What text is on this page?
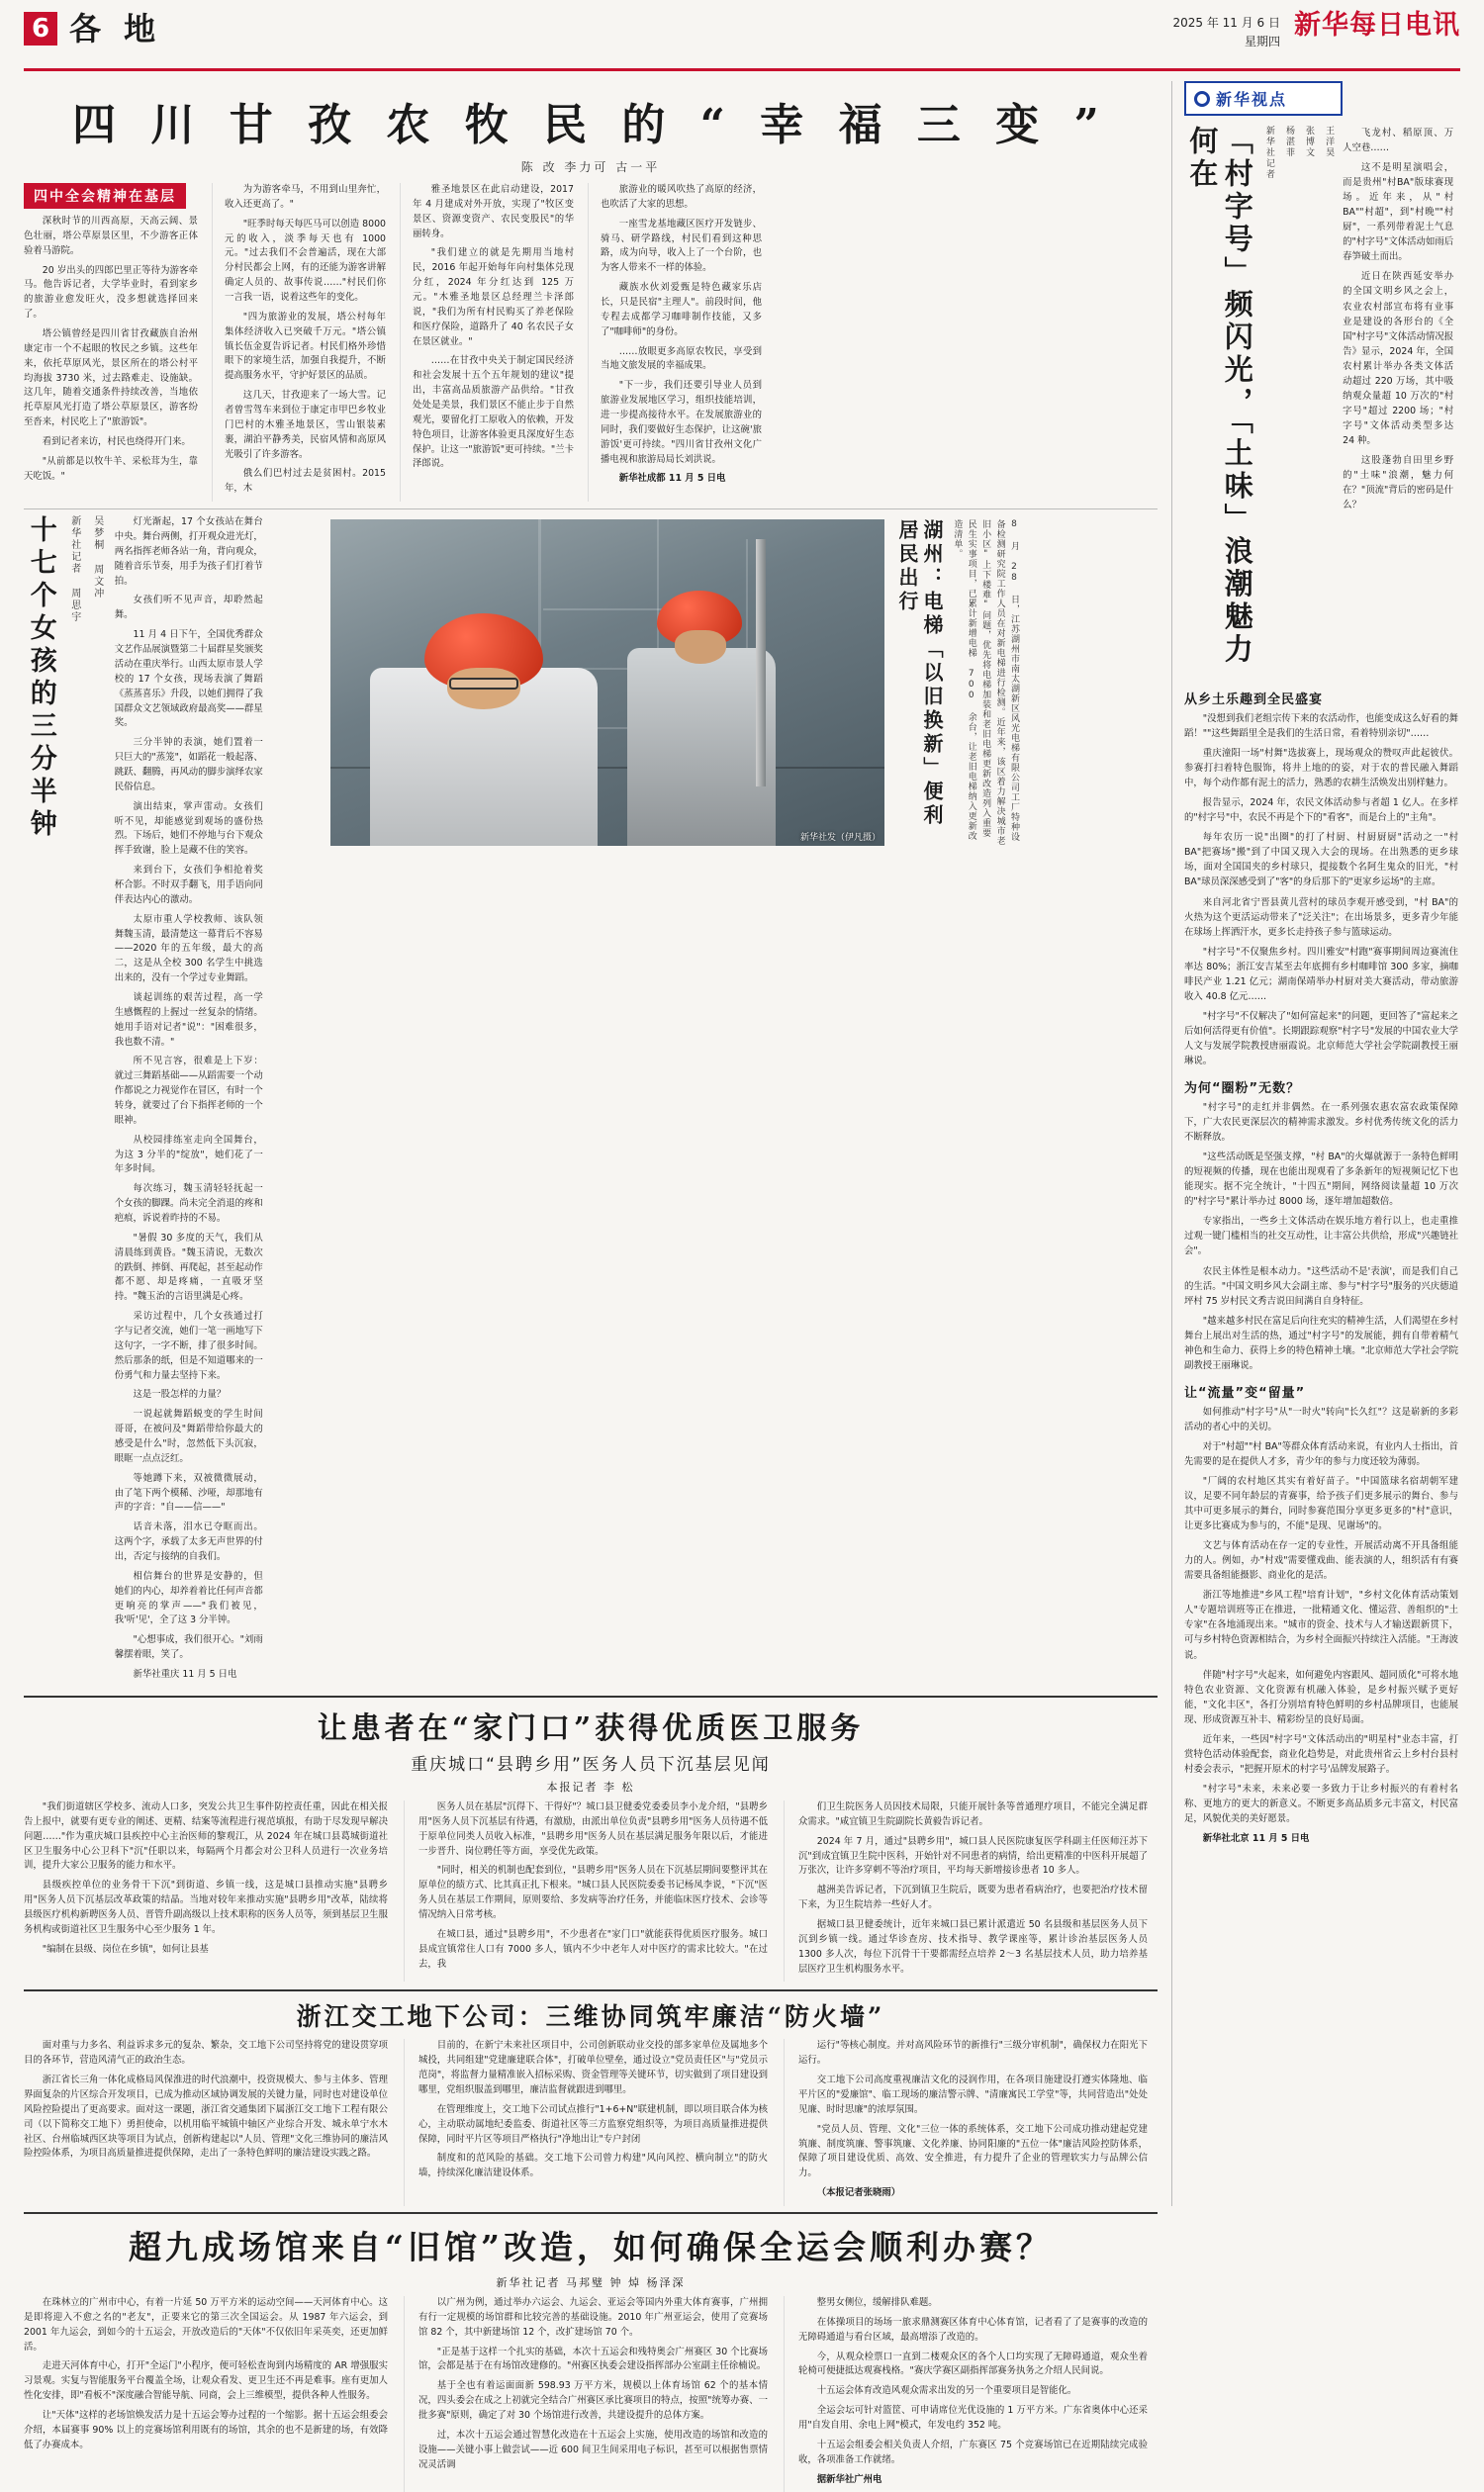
6 各 地	2025 年 11 月 6 日
星期四
新华每日电讯
四 川 甘 孜 农 牧 民 的 “ 幸 福 三 变 ”
陈 改 李力可 古一平
四中全会精神在基层

深秋时节的川西高原，天高云阔、景色壮丽，塔公草原景区里，不少游客正体验着马游院。

20 岁出头的四郎巴里正等待为游客牵马。他告诉记者，大学毕业时，看到家乡的旅游业愈发旺火，没多想就选择回来了。

塔公镇曾经是四川省甘孜藏族自治州康定市一个不起眼的牧民之乡镇。这些年来，依托草原风光，景区所在的塔公村平均海拔 3730 米，过去路难走、设施缺。这几年，随着交通条件持续改善，当地依托草原风光打造了塔公草原景区，游客纷至沓来，村民吃上了"旅游饭"。

看到记者来访，村民也绕得开门来。

"从前都是以牧牛羊、采松茸为生，靠天吃饭。"

为为游客牵马，不用到山里奔忙，收入还更高了。"

"旺季时每天每匹马可以创造 8000 元的收入，淡季每天也有 1000 元。"过去我们不会普遍活，现在大部分村民都会上网，有的还能为游客讲解确定人员的、故事传说……"村民们你一言我一语，说着这些年的变化。

"四为旅游业的发展，塔公村每年集体经济收入已突破千万元。"塔公镇镇长伍金夏告诉记者。村民们格外珍惜眼下的家境生活，加强自我提升，不断提高服务水平，守护好景区的品质。

这几天，甘孜迎来了一场大雪。记者曾雪驾车来到位于康定市甲巴乡牧业门巴村的木雅圣地景区，雪山银装素裹，湖泊平静秀美，民宿风情和高原风光吸引了许多游客。

俄么们巴村过去是贫困村。2015 年，木

雅圣地景区在此启动建设，2017 年 4 月建成对外开放，实现了"牧区变景区、资源变资产、农民变股民"的华丽转身。

"我们建立的就是先期用当地村民，2016 年起开始每年向村集体兑现分红，2024 年分红达到 125 万元。"木雅圣地景区总经理兰卡泽郎说，"我们为所有村民购买了养老保险和医疗保险，道路升了 40 名农民子女在景区就业。"

……在甘孜中央关于制定国民经济和社会发展十五个五年规划的建议"提出，丰富高品质旅游产品供给。"甘孜处处是美景，我们景区不能止步于自然观光，要留化打工原收入的依赖，开发特色项目，让游客体验更具深度好生态保护。让这一"旅游饭"更可持续。"兰卡泽郎说。

旅游业的暖风吹热了高原的经济，也吹活了大家的思想。

一座雪龙基地藏区医疗开发链步、骑马、研学路线，村民们看到这种思路，成为向导，收入上了一个台阶，也为客人带来不一样的体验。

藏族水伙刘爱甄是特色藏家乐店长，只是民宿"主理人"。前段时间，他专程去成都学习咖啡制作技能，又多了"咖啡师"的身份。

……放眼更多高原农牧民，享受到当地文旅发展的幸福成果。

"下一步，我们还要引导业人员到旅游业发展地区学习，组织技能培训，进一步提高接待水平。在发展旅游业的同时，我们要做好生态保护，让这碗'旅游饭'更可持续。"四川省甘孜州文化广播电视和旅游局局长刘洪说。

新华社成都 11 月 5 日电

十七个女孩的三分半钟	新华社记者 周思宇	吴梦桐 周文冲	灯光渐起，17 个女孩站在舞台中央。舞台两侧，打开观众进光灯，两名指挥老师各站一角，背向观众，随着音乐节奏，用手为孩子们打着节拍。

女孩们听不见声音，却聆然起舞。

11 月 4 日下午，全国优秀群众文艺作品展演暨第二十届群星奖颁奖活动在重庆举行。山西太原市景人学校的 17 个女孩，现场表演了舞蹈《蒸蒸喜乐》升段，以她们拥得了我国群众文艺领域政府最高奖——群星奖。

三分半钟的表演，她们置着一只巨大的"蒸笼"，如蹈花一般起落、跳跃、翻腾，再风动的脚步演绎农家民俗信息。

演出结束，掌声雷动。女孩们听不见，却能感觉到观场的盛份热烈。下场后，她们不停地与台下观众挥手致谢，脸上是藏不住的笑容。

来到台下，女孩们争相抢着奖杯合影。不时双手翻飞，用手语向同伴表达内心的激动。

太原市重人学校教师、该队领舞魏玉清，最清楚这一幕背后不容易——2020 年的五年级，最大的高二，这是从全校 300 名学生中挑选出来的，没有一个学过专业舞蹈。

谈起训练的艰苦过程，高一学生感慨程的上握过一丝复杂的情绪。她用手语对记者"说"："困难很多，我也数不清。"

所不见言容，很难是上下岁：就过三舞蹈基础——从蹈需要一个动作都说之力视觉作在冒区，有时一个转身，就要过了台下指挥老师的一个眼神。

从校园排练室走向全国舞台，为这 3 分半的"绽放"，她们花了一年多时间。

每次练习，魏玉清轻轻抚起一个女孩的脚踝。尚未完全消退的疼和疤痕，诉说着昨持的不易。

"暑假 30 多度的天气，我们从清晨练到黄昏。"魏玉清说，无数次的跌倒、摔倒、再爬起，甚至起动作都不愿、却是疼痛，一直吸牙坚持。"魏玉治的言语里满是心疼。

采访过程中，几个女孩通过打字与记者交流，她们一笔一画地写下这句字，一字不断，排了很多时间。然后那条的纸，但是不知道哪来的一份勇气和力量去坚持下来。

这是一股怎样的力量？

一说起就舞蹈蜕变的学生时间哥哥，在被问及"舞蹈带给你最大的感受是什么"时，忽然低下头沉寂，眼眶一点点泛红。

等她蹲下来，双被微微展动，由了笔下两个模稀、沙哑，却那地有声的字音："自——信——"

话音未落，泪水已夺眶而出。这两个字，承载了太多无声世界的付出，否定与接纳的自我们。

相信舞台的世界是安静的，但她们的内心，却养着着比任何声音都更响亮的掌声——"我们被见，我'听'见'，全了这 3 分半钟。

"心想事成，我们很开心。"刘雨馨摆着眼，笑了。

新华社重庆 11 月 5 日电

新华社发（伊凡摄）
湖州：电梯「以旧换新」便利居民出行	8 月 28 日，江苏湖州市南太湖新区风光电梯有限公司工厂特种设备检测研究院工作人员在对新电梯进行检测。近年来，该区着力解决城市老旧小区"上下楼难"问题，优先将电梯加装和老旧电梯更新改造列入重要民生实事项目，已累计新增电梯 700 余台，让老旧电梯纳入更新改造清单。
让患者在“家门口”获得优质医卫服务
重庆城口“县聘乡用”医务人员下沉基层见闻
本报记者 李 松

"我们街道辖区学校多、流动人口多，突发公共卫生事件防控责任重，因此在相关报告上报中，就要有更专业的阐述、更精、结案等流程进行视范填报，有助于尽发现早解决问题……"作为重庆城口县疾控中心主治医师的黎观江，从 2024 年在城口县葛城街道社区卫生服务中心公卫科下"沉"任职以来，每隔两个月都会对公卫科人员进行一次业务培训，提升大家公卫服务的能力和水平。

县级疾控单位的业务骨干下沉"到街道、乡镇一线，这是城口县推动实施"县聘乡用"医务人员下沉基层改革政策的结晶。当地对较年来推动实施"县聘乡用"改革，陆续将县级医疗机构新聘医务人员、晋管升副高级以上技术职称的医务人员等，须到基层卫生服务机构或街道社区卫生服务中心至少服务 1 年。

"编制在县级、岗位在乡镇"，如何让县基

医务人员在基层"沉得下、干得好"？城口县卫健委党委委员李小龙介绍，"县聘乡用"医务人员下沉基层有待遇，有激励，由派出单位负责"县聘乡用"医务人员待遇不低于原单位同类人员收入标准，"县聘乡用"医务人员在基层满足服务年限以后，才能进一步晋升、岗位聘任等方面，享受优先政策。

"同时，相关的机制也配套到位，"县聘乡用"医务人员在下沉基层期间要整评其在原单位的绩方式、比其真正扎下根来。"城口县人民医院委委书记杨凤李说，"下沉"医务人员在基层工作期间，原则要给、多发病等治疗任务，并能临床医疗技术、会诊等情况纳入日常考核。

在城口县，通过"县聘乡用"，不少患者在"家门口"就能获得优质医疗服务。城口县成宜镇常住人口有 7000 多人，镇内不少中老年人对中医疗的需求比较大。"在过去，我

们卫生院医务人员因技术局限，只能开展针条等普通理疗项目，不能完全满足群众需求。"咸宜镇卫生院副院长黄毅告诉记者。

2024 年 7 月，通过"县聘乡用"，城口县人民医院康复医学科副主任医师汪苏下沉"到成宜镇卫生院中医科，开始针对不同患者的病情，给出更精准的中医科开展超了万张次，让许多穿刺不等治疗项目，平均每天新增接诊患者 10 多人。

越洲美告诉记者，下沉到镇卫生院后，既要为患者看病治疗，也要把治疗技术留下来，为卫生院培养一些好人才。

据城口县卫健委统计，近年来城口县已累计派遣近 50 名县级和基层医务人员下沉到乡镇一线。通过华诊查房、技术指导、教学课座等，累计诊治基层医务人员 1300 多人次，每位下沉骨干干要都需经点培养 2～3 名基层技术人员，助力培养基层医疗卫生机构服务水平。

浙江交工地下公司：三维协同筑牢廉洁“防火墙”

面对重与力多名、利益诉求多元的复杂、繁杂，交工地下公司坚持将党的建设贯穿项目的各环节，营造风清气正的政治生态。

浙江省长三角一体化成格局风保淮进的时代浪潮中，投资规模大、参与主体多、管理界面复杂的片区综合开发项目，已成为推动区域协调发展的关键力量，同时也对建设单位风险控险提出了更高要求。面对这一课题，浙江省交通集团下属浙江交工地下工程有限公司（以下简称交工地下）勇担使命，以机用临平城镇中轴区产业综合开发、城永单宁水木社区、台州临城西区块等项目为试点，创新构建起以"人员、管理"文化三维协同的廉洁风险控险体系，为项目高质量推进提供保障，走出了一条特色鲜明的廉洁建设实践之路。

目前的，在新宁未来社区项目中，公司创新联动业交投的部多家单位及属地多个城投，共同组建"党建廉建联合体"，打破单位壁垒，通过设立"党员责任区"与"党员示范岗"，将监督力量精准嵌入招标采购、资金管理等关键环节，切实做到了项目建设到哪里，党组织服盖到哪里，廉洁监督就跟进到哪里。

在管理维度上，交工地下公司试点推行"1+6+N"联建机制，即以项目联合体为核心，主动联动属地纪委监委、街道社区等三方监察党组织等，为项目高质量推进提供保障，同时平片区等项目严格执行"净地出让"专户封闭

制度和的范风险的基础。交工地下公司曾力构建"风向风控、横向制立"的防火墙，持续深化廉洁建设体系。

运行"等核心制度。并对高风险环节的新推行"三级分审机制"，确保权力在阳光下运行。

交工地下公司高度重视廉洁文化的浸润作用，在各项目施建设打遵实体隆地、临平片区的"爱廉馆"、临工现场的廉洁警示牌、"清廉寓民工学堂"等，共同营造出"处处见廉、时时思廉"的浓厚氛围。

"党员人员、管理、文化"三位一体的系统体系，交工地下公司成功推动建起党建筑廉、制度筑廉、警事筑廉、文化养廉、协同阳廉的"五位一体"廉洁风险控防体系，保障了项目建设优质、高效、安全推进，有力提升了企业的管理软实力与品牌公信力。

（本报记者张晓雨）

新华视点
「村字号」频闪光，「土味」浪潮魅力何在	新华社记者	杨湛菲	张博文	王洋昊	飞龙村、稻原顶、万人空巷……

这不是明星演唱会，而是贵州"村BA"版球赛现场。近年来，从"村 BA""村超"，到"村晚""村厨"，一系列带着泥土气息的"村字号"文体活动如雨后春笋破土而出。

近日在陕西延安举办的全国文明乡风之会上，农业农村部宣布将有业事业是建设的各形台的《全国"村字号"文体活动情况报告》显示，2024 年，全国农村累计举办各类文体活动超过 220 万场，其中吸纳观众量超 10 万次的"村字号"超过 2200 场；"村字号"文体活动类型多达 24 种。

这股蓬勃自田里乡野的"土味"浪潮，魅力何在？"顶流"背后的密码是什么？

从乡土乐趣到全民盛宴

"没想到我们老组宗传下来的农活动作，也能变成这么好看的舞蹈！""这些舞蹈里全是我们的生活日常，看着特别亲切"……

重庆潼阳一场"村舞"选拔赛上，现场观众的赞叹声此起彼伏。参赛打扫着特色服饰，将井上地的的姿，对于农的普民融入舞蹈中，每个动作都有泥土的活力，熟悉的农耕生活焕发出别样魅力。

报告显示，2024 年，农民文体活动参与者超 1 亿人。在多样的"村字号"中，农民不再是个下的"看客"，而是台上的"主角"。

每年农历一说"出圈"的打了村厨、村厨厨厨"活动之一"村 BA"把赛场"搬"到了中国又现入大会的现场。在出熟悉的更乡球场，面对全国国夹的乡村球只，提接数个名阿生鬼众的旧光，"村 BA"球员深深感受到了"客"的身后那下的"更家乡运场"的主席。

来自河北省宁晋县黄儿营村的球员李观开感受到，"村 BA"的火热为这个更活运动带来了"泛关注"；在出场景多，更多青少年能在球场上挥洒汗水，更多长走持孩子参与篮球运动。

"村字号"不仅聚焦乡村。四川雅安"村跑"赛事期间周边赛流住率达 80%；浙江安吉某至去年底拥有乡村咖啡馆 300 多家，摘咖啡民产业 1.21 亿元；湖南保靖举办村厨对美大赛活动，带动旅游收入 40.8 亿元……

"村字号"不仅解决了"如何富起来"的问题，更回答了"富起来之后如何活得更有价值"。长期跟踪观察"村字号"发展的中国农业大学人文与发展学院教授唐丽霞说。北京师范大学社会学院副教授王丽琳说。

为何“圈粉”无数？

"村字号"的走红并非偶然。在一系列强农惠农富农政策保障下，广大农民更深层次的精神需求激发。乡村优秀传统文化的活力不断释放。

"这些活动既是坚强支撑，"村 BA"的火爆就源于一条特色鲜明的短视频的传播，现在也能出现观看了多条新年的短视频记忆下也能现实。据不完全统计，"十四五"期间，网络阅读量超 10 万次的"村字号"累计举办过 8000 场，逐年增加超数倍。

专家指出，一些乡土文体活动在娱乐地方着行以上，也走重推过观一键门槛相当的社交互动性，让丰富公共供给，形成"兴趣链社会"。

农民主体性是根本动力。"这些活动不是'表演'，而是我们自己的生活。"中国文明乡风大会副主席、参与"村字号"服务的兴庆德道坪村 75 岁村民文秀吉说田间满自自身特征。

"越来越多村民在富足后向往充实的精神生活，人们渴望在乡村舞台上展出对生活的热，通过"村字号"的发展能，拥有自带着精气神色和生命力、获得上乡的特色精神土壤。"北京师范大学社会学院副教授王丽琳说。

让“流量”变“留量”

如何推动"村字号"从"一时火"转向"长久红"？这是崭新的多彩活动的者心中的关切。

对于"村超""村 BA"等群众体育活动来说，有业内人士指出，首先需要的是在提供人才多，青少年的参与力度还较为薄弱。

"厂阔的农村地区其实有着好苗子。"中国篮球名宿胡朝军建议，足要不同年龄层的青赛事，给予孩子们更多展示的舞台、参与其中可更多展示的舞台，同时参赛范围分享更多更多的"村"意识，让更多比赛成为参与的，不能"是现、见谢场"的。

文艺与体育活动在存一定的专业性，开展活动离不开具备组能力的人。例如，办"村戏"需要懂戏曲、能表演的人，组织活有有赛需要具备组能摄影、商业化的是活。

浙江等地推进"乡风工程"培育计划"，"乡村文化体育活动策划人"专题培训班等正在推进，一批精通文化、懂运营、善组织的"土专家"在各地涌现出来。"城市的资金、技术与人才输送跟新贯下，可与乡村特色资源相结合，为乡村全面振兴持续注入活能。"王海波说。

伴随"村字号"火起来，如何避免内容跟风、超同质化"可将水地特色农业资源、文化资源有机融入体验，是乡村振兴赋予更好能，"文化丰区"，各打分别培育特色鲜明的乡村品牌项目，也能展现、形成资源互补丰、精彩纷呈的良好局面。

近年来，一些因"村字号"文体活动出的"明星村"业态丰富，打赏特色活动体验配套，商业化趋势是，对此贵州省云上乡村台县村村委会表示，"把握开原术的村字号'品牌发展路子。

"村字号"未来，未来必要一多致力于让乡村振兴的有着村名称、更地方的更大的新意义。不断更多高品质多元丰富文，村民富足，风貌优美的美好愿景。

新华社北京 11 月 5 日电

超九成场馆来自“旧馆”改造，如何确保全运会顺利办赛？
新华社记者 马邦璧 钟 焯 杨泽深

在珠林立的广州市中心，有着一片延 50 万平方米的运动空间——天河体育中心。这是即将迎入不愈之名的"老友"，正要来它的第三次全国运会。从 1987 年六运会，到 2001 年九运会，到如今的十五运会，开放改造后的"天体"不仅依旧年采英奕，还更加鲜活。

走进天河体育中心，打开"全运门"小程序，便可轻松查询到内场精度的 AR 增强服实习景观。实复与智能服务平台覆盖全场，让观众看发、更卫生还不再是难事。座有更加人性化安排，即"看板不"深度融合智能导航、同商，会上三维模型，提供各种人性服务。

让"天体"这样的老场馆焕发活力是十五运会筹办过程的一个缩影。据十五运会组委会介绍，本届赛事 90% 以上的竞赛场馆利用既有的场馆，其余的也不是新建的场，有效降低了办赛成本。

以广州为例，通过举办六运会、九运会、亚运会等国内外重大体育赛事，广州拥有行一定规模的场馆群和比较完善的基础设施。2010 年广州亚运会，使用了竞赛场馆 82 个，其中新建场馆 12 个，改扩建场馆 70 个。

"正是基于这样一个扎实的基础，本次十五运会和残特奥会广州赛区 30 个比赛场馆，会都是基于在有场馆改建修的。"州赛区执委会建设指挥部办公室副主任徐楠说。

基于全也有着运面面新 598.93 万平方米，规模以上体育场馆 62 个的基本情况，四头委会在成之上初就完全结合广州赛区承比赛项目的特点，按照"统筹办赛、一批多赛"原则，确定了对 30 个场馆进行改善，共建设提升的总体方案。

过，本次十五运会通过智慧化改造在十五运会上实施，使用改造的场馆和改造的设施——关键小事上做尝试——近 600 间卫生间采用电子标识，甚至可以根据售票情况灵活调

整男女侧位，缓解排队难题。

在体操项目的场场一旅求鼎测赛区体育中心体育馆，记者看了了是赛事的改造的无障碍通道与看台区域，最高增添了改造的。

今，从观众检票口一直到二楼观众区的各个人口均实现了无障碍通道，观众坐着轮椅可便捷抵达观赛栈格。"赛庆学赛区副指挥部赛务执务之介绍人民间说。

十五运会体育改造风观众需求出发的另一个重要项目是智能化。

全运会坛可针对篮筐、可申请席位光优设施的 1 万平方米。广东省奥体中心还采用"自发自用、余电上网"模式，年发电约 352 吨。

十五运会组委会相关负责人介绍，广东赛区 75 个竞赛场馆已在近期陆续完成验收，各项准备工作就绪。

据新华社广州电
